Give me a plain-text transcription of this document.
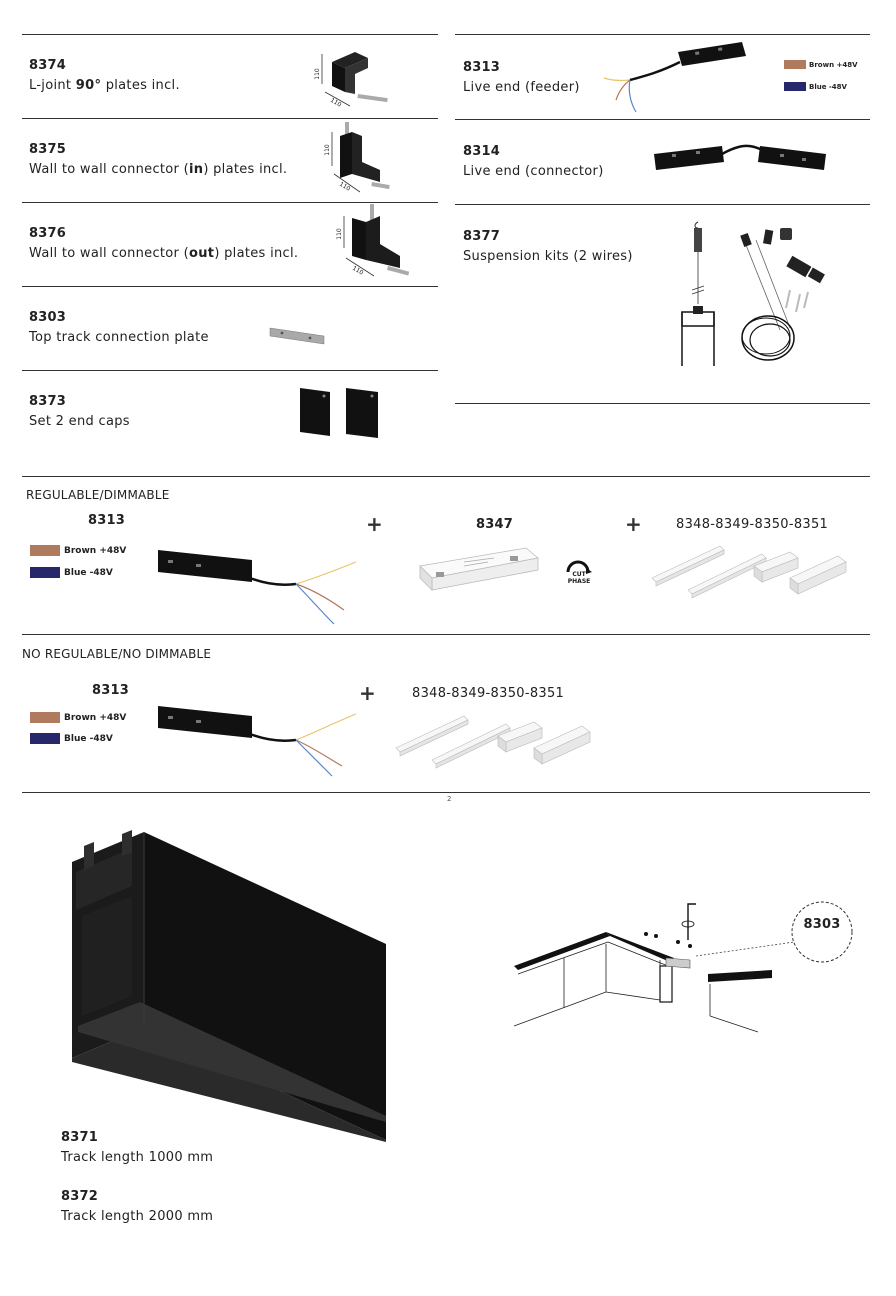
8374
L-joint 90° plates incl.
8375
Wall to wall connector (in) plates incl.
8376
Wall to wall connector (out) plates incl.
8303
Top track connection plate
8373
Set 2 end caps
110
110
110
110
110
110
8313
Live end (feeder)
8314
Live end (connector)
8377
Suspension kits (2 wires)
Brown +48V
Blue -48V
REGULABLE/DIMMABLE
8313
Brown +48V
Blue -48V
+	8347
CUT
PHASE
+	8348-8349-8350-8351
NO REGULABLE/NO DIMMABLE
8313
Brown +48V
Blue -48V
+	8348-8349-8350-8351
2
8371
Track length 1000 mm
8372
Track length 2000 mm
8303
